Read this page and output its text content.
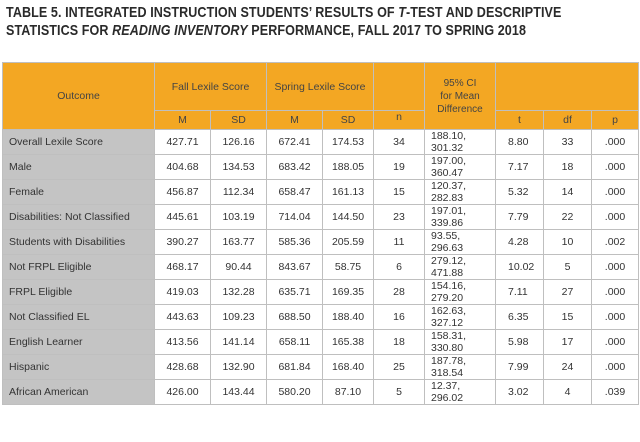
TABLE 5. INTEGRATED INSTRUCTION STUDENTS’ RESULTS OF T-TEST AND DESCRIPTIVE
STATISTICS FOR READING INVENTORY PERFORMANCE, FALL 2017 TO SPRING 2018
Outcome	Fall Lexile Score		Spring Lexile Score			95% CI
for Mean
Difference			

	M	SD	M	SD	n		t	df	p
Overall Lexile Score	427.71	126.16	672.41	174.53	34	188.10, 301.32	8.80	33	.000
Male	404.68	134.53	683.42	188.05	19	197.00, 360.47	7.17	18	.000
Female	456.87	112.34	658.47	161.13	15	120.37, 282.83	5.32	14	.000
Disabilities: Not Classified	445.61	103.19	714.04	144.50	23	197.01, 339.86	7.79	22	.000
Students with Disabilities	390.27	163.77	585.36	205.59	11	93.55, 296.63	4.28	10	.002
Not FRPL Eligible	468.17	90.44	843.67	58.75	6	279.12, 471.88	10.02	5	.000
FRPL Eligible	419.03	132.28	635.71	169.35	28	154.16, 279.20	7.11	27	.000
Not Classified EL	443.63	109.23	688.50	188.40	16	162.63, 327.12	6.35	15	.000
English Learner	413.56	141.14	658.11	165.38	18	158.31, 330.80	5.98	17	.000
Hispanic	428.68	132.90	681.84	168.40	25	187.78, 318.54	7.99	24	.000
African American	426.00	143.44	580.20	87.10	5	12.37, 296.02	3.02	4	.039
